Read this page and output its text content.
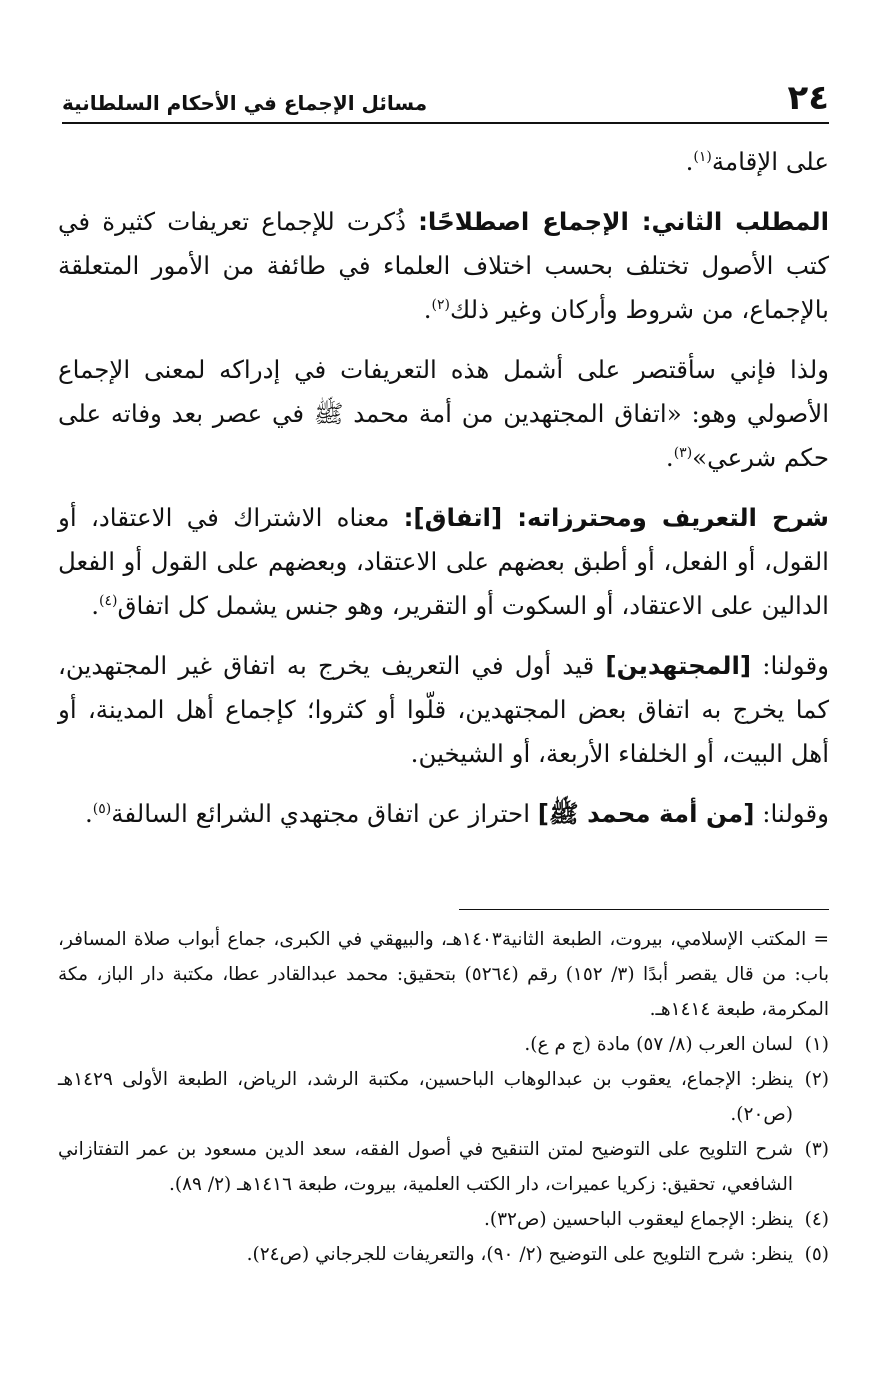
٢٤
مسائل الإجماع في الأحكام السلطانية

على الإقامة$^{(١)}$.

المطلب الثاني: الإجماع اصطلاحًا: ذُكرت للإجماع تعريفات كثيرة في كتب الأصول تختلف بحسب اختلاف العلماء في طائفة من الأمور المتعلقة بالإجماع، من شروط وأركان وغير ذلك$^{(٢)}$.

ولذا فإني سأقتصر على أشمل هذه التعريفات في إدراكه لمعنى الإجماع الأصولي وهو: «اتفاق المجتهدين من أمة محمد ﷺ في عصر بعد وفاته على حكم شرعي»$^{(٣)}$.

شرح التعريف ومحترزاته: [اتفاق]: معناه الاشتراك في الاعتقاد، أو القول، أو الفعل، أو أطبق بعضهم على الاعتقاد، وبعضهم على القول أو الفعل الدالين على الاعتقاد، أو السكوت أو التقرير، وهو جنس يشمل كل اتفاق$^{(٤)}$.

وقولنا: [المجتهدين] قيد أول في التعريف يخرج به اتفاق غير المجتهدين، كما يخرج به اتفاق بعض المجتهدين، قلّوا أو كثروا؛ كإجماع أهل المدينة، أو أهل البيت، أو الخلفاء الأربعة، أو الشيخين.

وقولنا: [من أمة محمد ﷺ] احتراز عن اتفاق مجتهدي الشرائع السالفة$^{(٥)}$.

= المكتب الإسلامي، بيروت، الطبعة الثانية١٤٠٣هـ، والبيهقي في الكبرى، جماع أبواب صلاة المسافر، باب: من قال يقصر أبدًا (٣/ ١٥٢) رقم (٥٢٦٤) بتحقيق: محمد عبدالقادر عطا، مكتبة دار الباز، مكة المكرمة، طبعة ١٤١٤هـ.

(١)لسان العرب (٨/ ٥٧) مادة (ج م ع).

(٢)ينظر: الإجماع، يعقوب بن عبدالوهاب الباحسين، مكتبة الرشد، الرياض، الطبعة الأولى ١٤٢٩هـ (ص٢٠).

(٣)شرح التلويح على التوضيح لمتن التنقيح في أصول الفقه، سعد الدين مسعود بن عمر التفتازاني الشافعي، تحقيق: زكريا عميرات، دار الكتب العلمية، بيروت، طبعة ١٤١٦هـ (٢/ ٨٩).

(٤)ينظر: الإجماع ليعقوب الباحسين (ص٣٢).

(٥)ينظر: شرح التلويح على التوضيح (٢/ ٩٠)، والتعريفات للجرجاني (ص٢٤).
